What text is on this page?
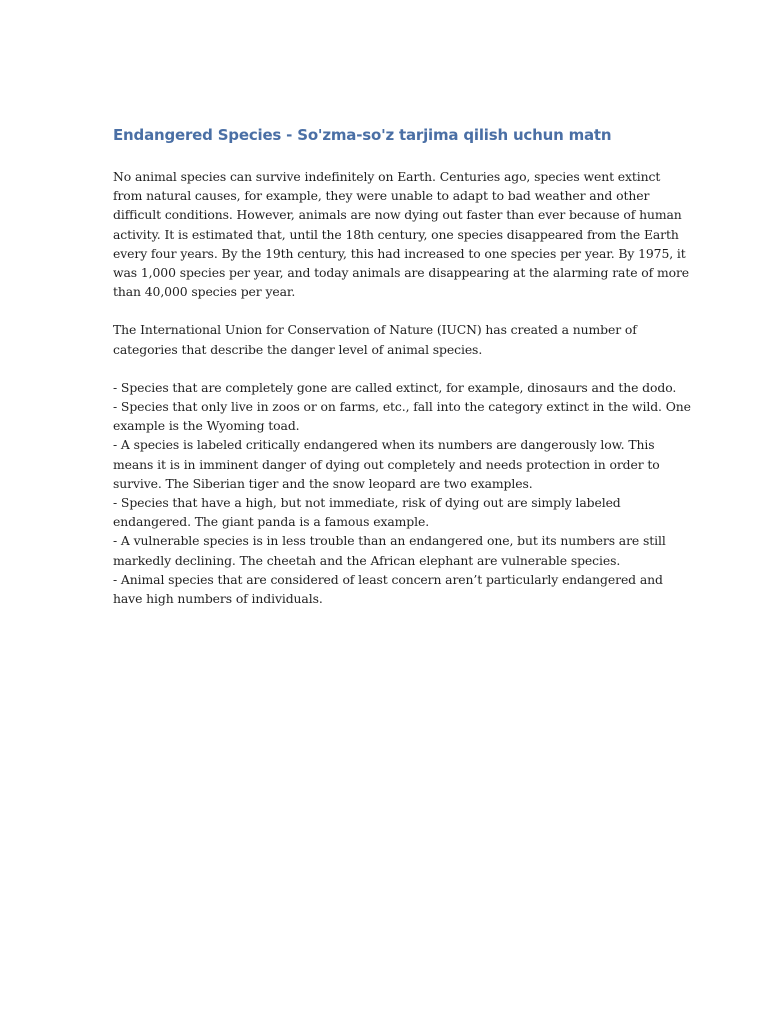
Endangered Species - So'zma-so'z tarjima qilish uchun matn

No animal species can survive indefinitely on Earth. Centuries ago, species went extinct
from natural causes, for example, they were unable to adapt to bad weather and other
difficult conditions. However, animals are now dying out faster than ever because of human
activity. It is estimated that, until the 18th century, one species disappeared from the Earth
every four years. By the 19th century, this had increased to one species per year. By 1975, it
was 1,000 species per year, and today animals are disappearing at the alarming rate of more
than 40,000 species per year.

The International Union for Conservation of Nature (IUCN) has created a number of
categories that describe the danger level of animal species.

- Species that are completely gone are called extinct, for example, dinosaurs and the dodo.
- Species that only live in zoos or on farms, etc., fall into the category extinct in the wild. One
example is the Wyoming toad.
- A species is labeled critically endangered when its numbers are dangerously low. This
means it is in imminent danger of dying out completely and needs protection in order to
survive. The Siberian tiger and the snow leopard are two examples.
- Species that have a high, but not immediate, risk of dying out are simply labeled
endangered. The giant panda is a famous example.
- A vulnerable species is in less trouble than an endangered one, but its numbers are still
markedly declining. The cheetah and the African elephant are vulnerable species.
- Animal species that are considered of least concern aren’t particularly endangered and
have high numbers of individuals.
